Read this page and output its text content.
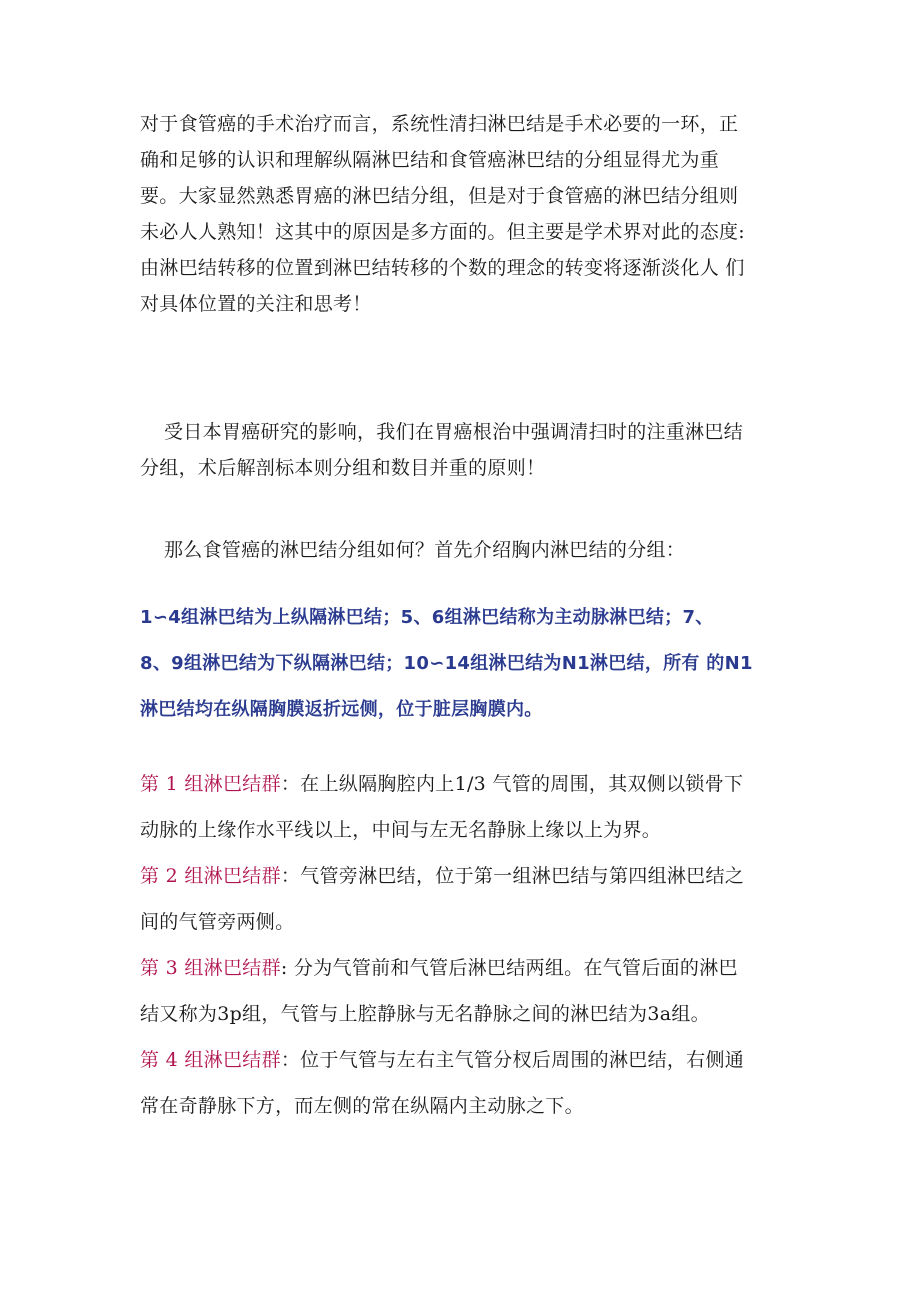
对于食管癌的手术治疗而言，系统性清扫淋巴结是手术必要的一环，正
确和足够的认识和理解纵隔淋巴结和食管癌淋巴结的分组显得尤为重
要。大家显然熟悉胃癌的淋巴结分组，但是对于食管癌的淋巴结分组则
未必人人熟知！这其中的原因是多方面的。但主要是学术界对此的态度:
由淋巴结转移的位置到淋巴结转移的个数的理念的转变将逐渐淡化人 们
对具体位置的关注和思考！
受日本胃癌研究的影响，我们在胃癌根治中强调清扫时的注重淋巴结
分组，术后解剖标本则分组和数目并重的原则！
那么食管癌的淋巴结分组如何？首先介绍胸内淋巴结的分组：
1∽4组淋巴结为上纵隔淋巴结；5、6组淋巴结称为主动脉淋巴结；7、
8、9组淋巴结为下纵隔淋巴结；10∽14组淋巴结为N1淋巴结，所有 的N1
淋巴结均在纵隔胸膜返折远侧，位于脏层胸膜内。
第 1 组淋巴结群：在上纵隔胸腔内上1/3 气管的周围，其双侧以锁骨下
动脉的上缘作水平线以上，中间与左无名静脉上缘以上为界。
第 2 组淋巴结群：气管旁淋巴结，位于第一组淋巴结与第四组淋巴结之
间的气管旁两侧。
第 3 组淋巴结群: 分为气管前和气管后淋巴结两组。在气管后面的淋巴
结又称为3p组，气管与上腔静脉与无名静脉之间的淋巴结为3a组。
第 4 组淋巴结群：位于气管与左右主气管分杈后周围的淋巴结，右侧通
常在奇静脉下方，而左侧的常在纵隔内主动脉之下。
